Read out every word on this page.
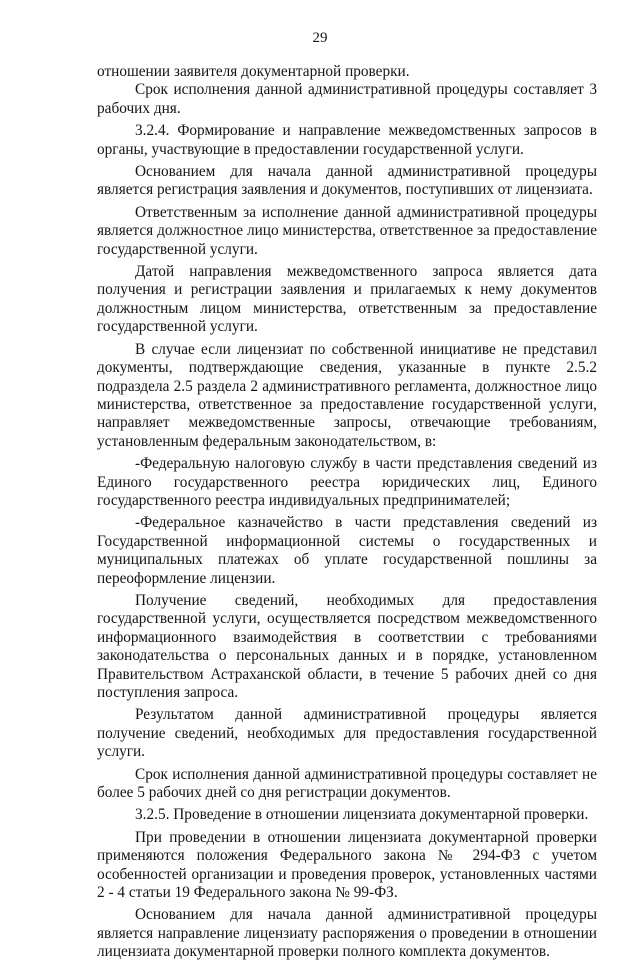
29

отношении заявителя документарной проверки.

Срок исполнения данной административной процедуры составляет 3 рабочих дня.

3.2.4. Формирование и направление межведомственных запросов в органы, участвующие в предоставлении государственной услуги.

Основанием для начала данной административной процедуры является регистрация заявления и документов, поступивших от лицензиата.

Ответственным за исполнение данной административной процедуры является должностное лицо министерства, ответственное за предоставление государственной услуги.

Датой направления межведомственного запроса является дата получения и регистрации заявления и прилагаемых к нему документов должностным лицом министерства, ответственным за предоставление государственной услуги.

В случае если лицензиат по собственной инициативе не представил документы, подтверждающие сведения, указанные в пункте 2.5.2 подраздела 2.5 раздела 2 административного регламента, должностное лицо министерства, ответственное за предоставление государственной услуги, направляет межведомственные запросы, отвечающие требованиям, установленным федеральным законодательством, в:

-Федеральную налоговую службу в части представления сведений из Единого государственного реестра юридических лиц, Единого государственного реестра индивидуальных предпринимателей;

-Федеральное казначейство в части представления сведений из Государственной информационной системы о государственных и муниципальных платежах об уплате государственной пошлины за переоформление лицензии.

Получение сведений, необходимых для предоставления государственной услуги, осуществляется посредством межведомственного информационного взаимодействия в соответствии с требованиями законодательства о персональных данных и в порядке, установленном Правительством Астраханской области, в течение 5 рабочих дней со дня поступления запроса.

Результатом данной административной процедуры является получение сведений, необходимых для предоставления государственной услуги.

Срок исполнения данной административной процедуры составляет не более 5 рабочих дней со дня регистрации документов.

3.2.5. Проведение в отношении лицензиата документарной проверки.

При проведении в отношении лицензиата документарной проверки применяются положения Федерального закона № 294-ФЗ с учетом особенностей организации и проведения проверок, установленных частями 2 - 4 статьи 19 Федерального закона № 99-ФЗ.

Основанием для начала данной административной процедуры является направление лицензиату распоряжения о проведении в отношении лицензиата документарной проверки полного комплекта документов.
